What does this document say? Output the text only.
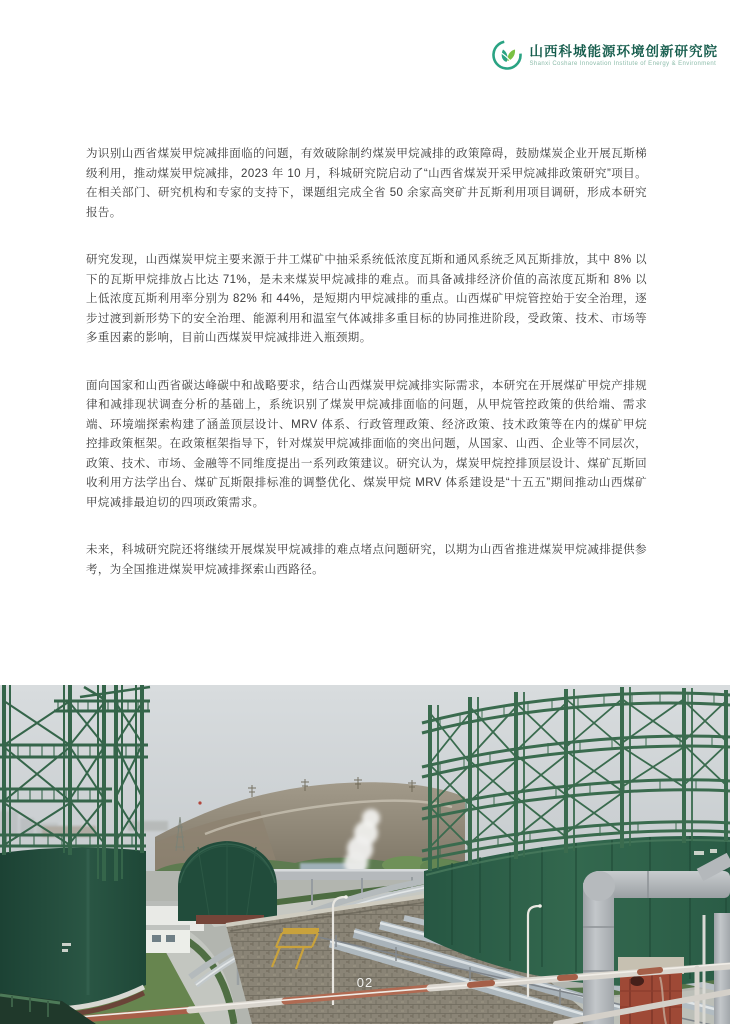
山西科城能源环境创新研究院
Shanxi Coshare Innovation Institute of Energy & Environment

为识别山西省煤炭甲烷减排面临的问题，有效破除制约煤炭甲烷减排的政策障碍，鼓励煤炭企业开展瓦斯梯级利用，推动煤炭甲烷减排，2023 年 10 月，科城研究院启动了“山西省煤炭开采甲烷减排政策研究”项目。在相关部门、研究机构和专家的支持下，课题组完成全省 50 余家高突矿井瓦斯利用项目调研，形成本研究报告。

研究发现，山西煤炭甲烷主要来源于井工煤矿中抽采系统低浓度瓦斯和通风系统乏风瓦斯排放，其中 8% 以下的瓦斯甲烷排放占比达 71%，是未来煤炭甲烷减排的难点。而具备减排经济价值的高浓度瓦斯和 8% 以上低浓度瓦斯利用率分别为 82% 和 44%，是短期内甲烷减排的重点。山西煤矿甲烷管控始于安全治理，逐步过渡到新形势下的安全治理、能源利用和温室气体减排多重目标的协同推进阶段，受政策、技术、市场等多重因素的影响，目前山西煤炭甲烷减排进入瓶颈期。

面向国家和山西省碳达峰碳中和战略要求，结合山西煤炭甲烷减排实际需求，本研究在开展煤矿甲烷产排规律和减排现状调查分析的基础上，系统识别了煤炭甲烷减排面临的问题，从甲烷管控政策的供给端、需求端、环境端探索构建了涵盖顶层设计、MRV 体系、行政管理政策、经济政策、技术政策等在内的煤矿甲烷控排政策框架。在政策框架指导下，针对煤炭甲烷减排面临的突出问题，从国家、山西、企业等不同层次，政策、技术、市场、金融等不同维度提出一系列政策建议。研究认为，煤炭甲烷控排顶层设计、煤矿瓦斯回收利用方法学出台、煤矿瓦斯限排标准的调整优化、煤炭甲烷 MRV 体系建设是“十五五”期间推动山西煤矿甲烷减排最迫切的四项政策需求。

未来，科城研究院还将继续开展煤炭甲烷减排的难点堵点问题研究，以期为山西省推进煤炭甲烷减排提供参考，为全国推进煤炭甲烷减排探索山西路径。

02
